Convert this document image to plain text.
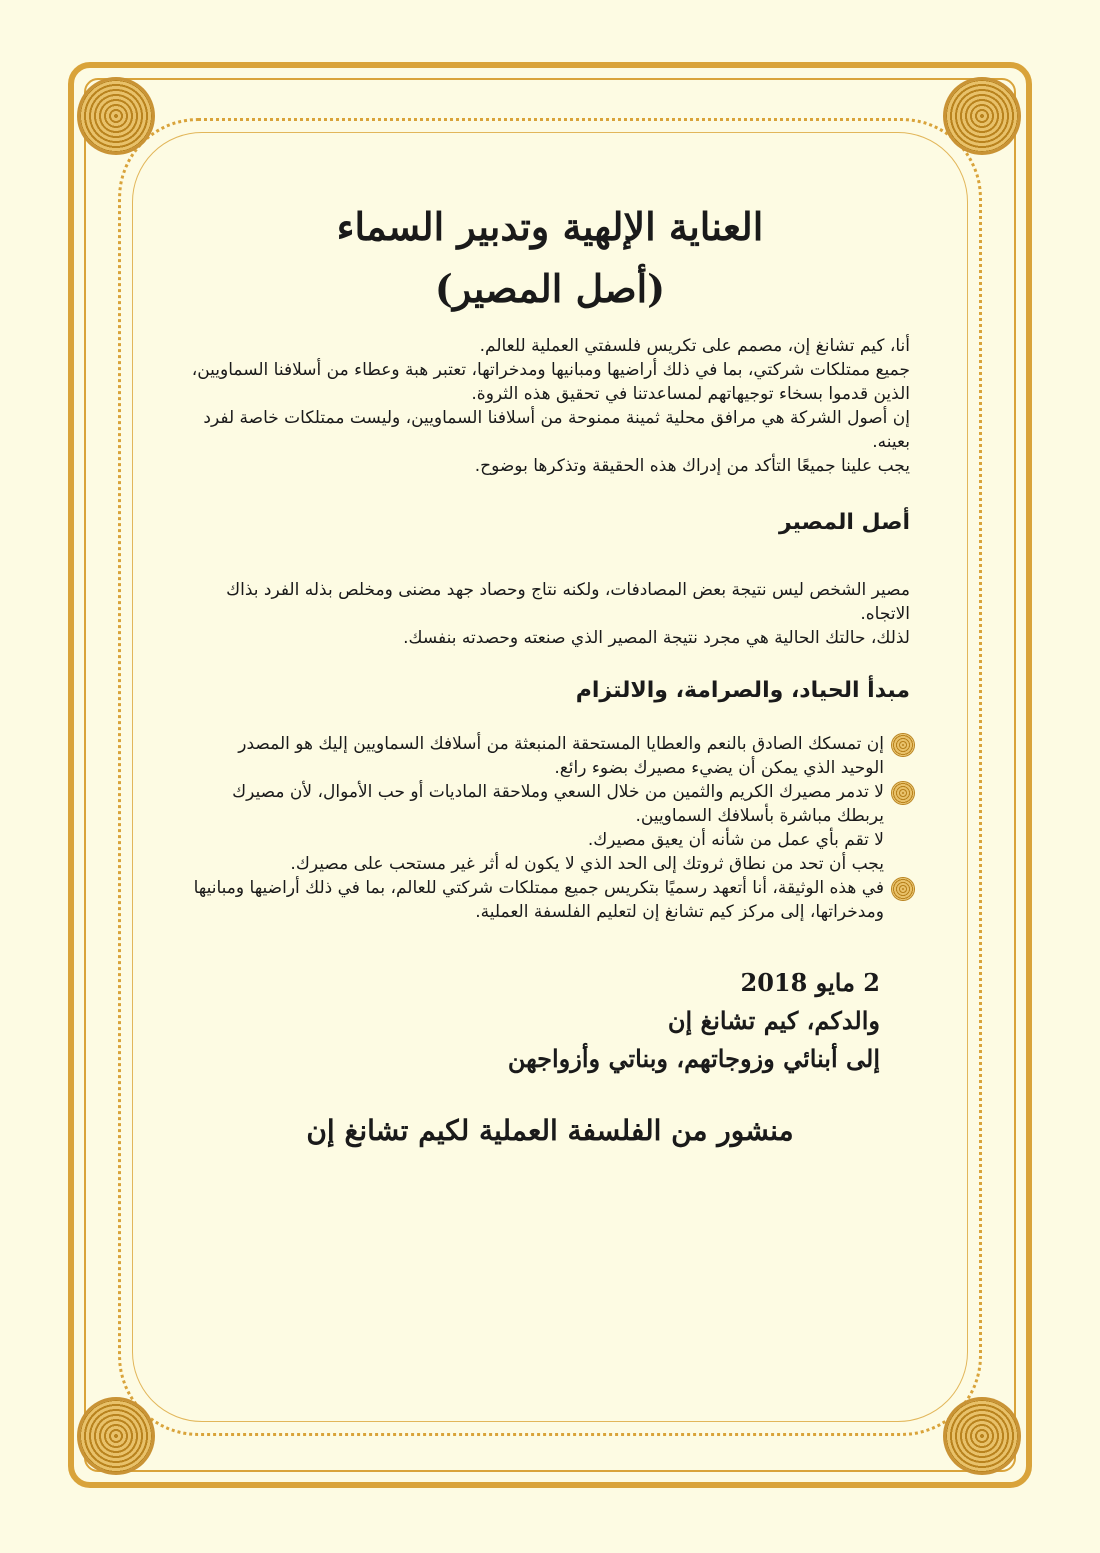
العناية الإلهية وتدبير السماء
(أصل المصير)
أنا، كيم تشانغ إن، مصمم على تكريس فلسفتي العملية للعالم.
جميع ممتلكات شركتي، بما في ذلك أراضيها ومبانيها ومدخراتها، تعتبر هبة وعطاء من أسلافنا السماويين، الذين قدموا بسخاء توجيهاتهم لمساعدتنا في تحقيق هذه الثروة.
إن أصول الشركة هي مرافق محلية ثمينة ممنوحة من أسلافنا السماويين، وليست ممتلكات خاصة لفرد بعينه.
يجب علينا جميعًا التأكد من إدراك هذه الحقيقة وتذكرها بوضوح.
أصل المصير
مصير الشخص ليس نتيجة بعض المصادفات، ولكنه نتاج وحصاد جهد مضنى ومخلص بذله الفرد بذاك الاتجاه.
لذلك، حالتك الحالية هي مجرد نتيجة المصير الذي صنعته وحصدته بنفسك.
مبدأ الحياد، والصرامة، والالتزام
إن تمسكك الصادق بالنعم والعطايا المستحقة المنبعثة من أسلافك السماويين إليك هو المصدر الوحيد الذي يمكن أن يضيء مصيرك بضوء رائع.
لا تدمر مصيرك الكريم والثمين من خلال السعي وملاحقة الماديات أو حب الأموال، لأن مصيرك يربطك مباشرة بأسلافك السماويين.
لا تقم بأي عمل من شأنه أن يعيق مصيرك.
يجب أن تحد من نطاق ثروتك إلى الحد الذي لا يكون له أثر غير مستحب على مصيرك.
في هذه الوثيقة، أنا أتعهد رسميًا بتكريس جميع ممتلكات شركتي للعالم، بما في ذلك أراضيها ومبانيها ومدخراتها، إلى مركز كيم تشانغ إن لتعليم الفلسفة العملية.
2 مايو 2018
والدكم، كيم تشانغ إن
إلى أبنائي وزوجاتهم، وبناتي وأزواجهن
منشور من الفلسفة العملية لكيم تشانغ إن
